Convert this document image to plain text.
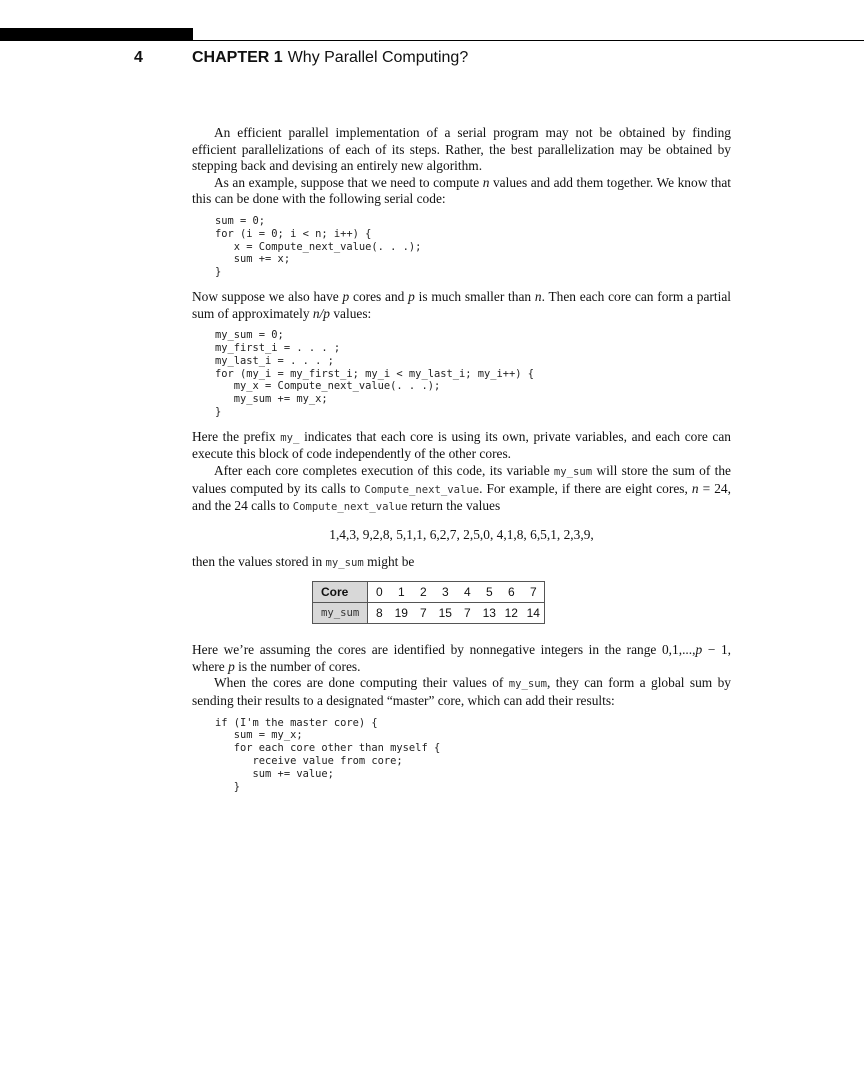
4	CHAPTER 1 Why Parallel Computing?

An efficient parallel implementation of a serial program may not be obtained by finding efficient parallelizations of each of its steps. Rather, the best parallelization may be obtained by stepping back and devising an entirely new algorithm.

As an example, suppose that we need to compute n values and add them together. We know that this can be done with the following serial code:

sum = 0;
for (i = 0; i < n; i++) {
x = Compute_next_value(. . .);
sum += x;
}

Now suppose we also have p cores and p is much smaller than n. Then each core can form a partial sum of approximately n/p values:

my_sum = 0;
my_first_i = . . . ;
my_last_i = . . . ;
for (my_i = my_first_i; my_i < my_last_i; my_i++) {
my_x = Compute_next_value(. . .);
my_sum += my_x;
}

Here the prefix my_ indicates that each core is using its own, private variables, and each core can execute this block of code independently of the other cores.

After each core completes execution of this code, its variable my_sum will store the sum of the values computed by its calls to Compute_next_value. For example, if there are eight cores, n = 24, and the 24 calls to Compute_next_value return the values

1,4,3, 9,2,8, 5,1,1, 6,2,7, 2,5,0, 4,1,8, 6,5,1, 2,3,9,

then the values stored in my_sum might be

Core	0	1	2	3	4	5	6	7
my_sum	8	19	7	15	7	13	12	14

Here we’re assuming the cores are identified by nonnegative integers in the range 0,1,...,p − 1, where p is the number of cores.

When the cores are done computing their values of my_sum, they can form a global sum by sending their results to a designated “master” core, which can add their results:

if (I'm the master core) {
sum = my_x;
for each core other than myself {
receive value from core;
sum += value;
}
